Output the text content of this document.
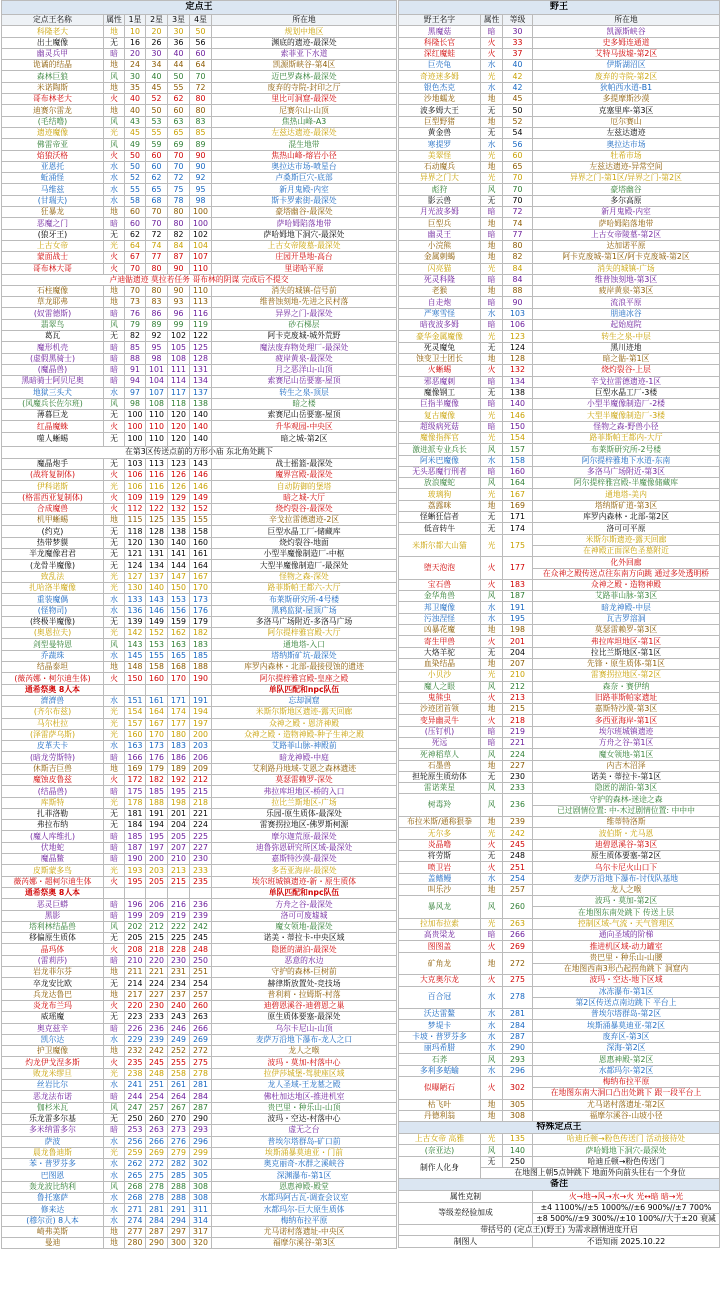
定点王						
定点王名称	属性	1星	2星	3星	4星	所在地
科隆老大	地	10	20	30	50	规划中地区
出土魔像	无	16	26	36	56	渊底的遗迹-最深处
幽灵兵甲	暗	20	30	40	60	索菲亚下水道
诡谲的结晶	地	24	34	44	64	凯源斯峡谷-第4区
森林巨狼	风	30	40	50	70	迈巴罗森林-最深处
米诺陶斯	地	35	45	55	72	废弃的寺院-封印之厅
哥布林老大	火	40	52	62	80	里比可洞窟-最深处
迪赛尔雷龙	地	40	50	60	80	尼赛尔山-山顶
(毛结噜)	风	43	53	63	83	焦热山峰-A3
遗迹魔像	光	45	55	65	85	左兹达遗迹-最深处
佛雷帝亚	风	49	59	69	89	混生地带
焰狼沃格	火	50	60	70	90	焦热山峰-熔岩小径
亚恩托	水	50	60	70	90	奥拉达市场-喷星台
蚯涌怪	水	52	62	72	92	卢桑斯巨穴-底部
马维兹	水	55	65	75	95	新月鬼殿-内室
(甘瑞夫)	水	58	68	78	98	斯卡罗索街-最深处
狂暴龙	地	60	70	80	100	豪塔幽谷-最深处
恶魔之门	暗	60	70	80	100	萨哈姆陷落地带
(狼牙王)	无	62	72	82	102	萨哈姆地下洞穴-最深处
上古女帝	光	64	74	84	104	上古女帝陵墓-最深处
蒙面战士	火	67	77	87	107	庄园开垦地-高台
哥布林大哥	火	70	80	90	110	里诺哈平原
卢迪骷遗迹 莫拉若任务 哥布林的阴谋 完成后不提交						
石柱魔像	地	70	80	90	110	消失的城镇-信号前
草龙耶弗	地	73	83	93	113	维普蚀刻地-先进之民村落
(奴雷德斯)	暗	76	86	96	116	异界之门-最深处
翡翠鸟	风	79	89	99	119	砂石梯层
葛瓦	无	82	92	102	122	阿卡克废城-城外荒野
魔形机壳	暗	85	95	105	125	魔法废弃物处理厂-最深处
(虚假黑骑士)	暗	88	98	108	128	疲岸黄泉-最深处
(魔晶兽)	暗	91	101	111	131	月之恶洋山-山顶
黑暗骑士阿贝尼奥	暗	94	104	114	134	索赛尼山岳要塞-屋顶
地狱三头犬	水	97	107	117	137	转生之泉-顶层
(风魔兵长佐尔班)	风	98	108	118	138	暗之楼
薄暮巨龙	无	100	110	120	140	索赛尼山岳要塞-屋顶
红晶魔蛛	火	100	110	120	140	升华观园-中央区
噬人蜥蜴	无	100	110	120	140	暗之城-第2区
在第3区传送点前的方形小庙 东北角处跳下						
魔晶炮手	无	103	113	123	143	战士摇篮-最深处
(战将复制体)	火	106	116	126	146	魔界宫殿-最深处
伊科诺斯	光	106	116	126	146	自动防御的堡塔
(格雷西亚复制体)	火	109	119	129	149	暗之城-大厅
合成魔兽	火	112	122	132	152	烧灼裂谷-最深处
机甲蜥蜴	地	115	125	135	155	辛戈拉雷德遗迹-2区
(约克)	无	118	128	138	158	巨型水晶工厂-储藏库
热带梦貘	无	120	130	140	160	烧灼裂谷-地面
半龙魔像君君	无	121	131	141	161	小型半魔像制造厂-中枢
(龙骨半魔像)	无	124	134	144	164	大型半魔像制造厂-最深处
致乱法	光	127	137	147	167	怪物之森-深处
扎哈洛半魔像	光	130	140	150	170	路菲斯帕王都六-大厅
重装魔偶	水	133	143	153	173	布莱斯研究所-4号楼
(怪物司)	水	136	146	156	176	黑鸦监狱-屋顶广场
(终极半魔像)	无	139	149	159	179	多洛马广场附近-多洛马广场
(奥恩拉夫)	光	142	152	162	182	阿尔提梓雅宫殿-大厅
剑型曼特恩	风	143	153	163	183	通地塔-入口
乔蔬珠	水	145	155	165	185	塔纳斯矿坑-最深处
结晶泰坦	地	148	158	168	188	库罗内森林・北部-最接侵蚀的遗迹
(薇芮娜・柯尔迪生体)	火	150	160	170	190	阿尔提梓雅宫殿-皇座之殿
通希祭奥 8人本						单队匹配和npc队伍
濟濟兽	水	151	161	171	191	忘却洞窟
(齐尔布兹)	光	154	164	174	194	米斯尔斯地区遗迹-露天回廊
马尔杜拉	光	157	167	177	197	众神之殿・恩济神殿
(泽雷萨乌斯)	光	160	170	180	200	众神之殿・造物神殿-种子生神之殿
皮革夫卡	水	163	173	183	203	艾路菲山脉-神殿前
(暗龙劳斯特)	暗	166	176	186	206	暗龙神殿-中庭
休斯吉巨兽	地	169	179	189	209	艾利路丹地域-艾恩之森林遗迹
魔蚀皮鲁兹	火	172	182	192	212	莫瑟雷赖罗-深处
(结晶兽)	暗	175	185	195	215	弗拉库坦地区-桥的入口
库斯特	光	178	188	198	218	拉比兰斯地区-广场
扎菲洛勒	无	181	191	201	221	乐园-原生质体-最深处
弗拉布纳	无	184	194	204	224	雷赛拐拉地区-佛罗斯柯源
(魔人库维扎)	暗	185	195	205	225	摩尔迦荒原-最深处
伏地蛇	暗	187	197	207	227	迪鲁弥恩研究所区域-最深处
魔晶鳖	暗	190	200	210	230	嘉斯特沙漠-最深处
皮斯蒙多鸟	光	193	203	213	233	多吾亚海岸-最深处
薇芮娜・超柯尔迪生体	火	195	205	215	235	埃尔班城镇遗迹-新・原生质体
通希祭奥 8人本						单队匹配和npc队伍
恶灵巨蟒	暗	196	206	216	236	方舟之谷-最深处
黑影	暗	199	209	219	239	洛可可废墟城
塔利林结晶兽	风	202	212	222	242	魔女领地-最深处
移偏原生质体	无	205	215	225	245	诺美・蒂拉卡-中央区域
晶玛体	火	208	218	228	248	隐匿的湖泊-最深处
(雷莉莎)	暗	210	220	230	250	恶意的水边
岩龙菲尔芬	地	211	221	231	251	守护的森林-巨树前
卒龙安比欧	无	214	224	234	254	赫律斯放置处-竞技场
兵龙达鲁巴	地	217	227	237	257	普利莉・拉姆斯-村落
炎龙布兰玛	火	220	230	240	260	迪碧恩溪谷-迪碧恩之巢
威瑶魔	无	223	233	243	263	原生质体要塞-最深处
奥克兹辛	暗	226	236	246	266	乌尔卡尼山-山顶
凯尔达	水	229	239	249	269	麦萨万沿地下瀑布-龙人之口
护卫魔像	地	232	242	252	272	龙人之喉
灼龙伊戈涅多斯	火	235	245	255	275	波玛・莫加-村落中心
败龙米缪旦	光	238	248	258	278	拉伊莎城堡-驾驶座区域
丝岩比尔	水	241	251	261	281	龙人圣域-王龙墓之殿
恶龙法布诺	暗	244	254	264	284	佛杜加达地区-推进机室
伽杉米瓦	风	247	257	267	287	贵巴里・种乐山-山顶
乐龙雷多尔基	无	250	260	270	290	波玛・空达-村落中心
多米纳雷多尔	暗	253	263	273	293	虚无之台
萨波	水	256	266	276	296	普埃尔塔群岛-矿口前
晨龙鲁迪斯	光	259	269	279	299	埃斯涌暴莫迪亚・门前
苯・普罗芬多	水	262	272	282	302	奥克丽奇-水群之溪峡谷
巴图恩	水	265	275	285	305	深渊瀑布-第1区
轰龙波比纳利	风	268	278	288	308	恩惠神殿-殿堂
鲁托塞萨	水	268	278	288	308	水都玛阿古瓦-调查会议室
修来达	水	271	281	291	311	水都玛尔-巨大原生质体
(穆尔贡) 8人本	水	274	284	294	314	梅纳布拉平原
崎弗美斯	地	277	287	297	317	尤马诺村落遗址-中央区
曼迪	地	280	290	300	320	福摩尔溪谷-第3区
野王			
野王名字	属性	等级	所在地
黑魔菇	暗	30	凯源斯峡谷
科隆长官	火	33	史多姆连通道
深红魔蛙	火	37	艾特马拔墟-第2区
巨壳龟	水	40	伊斯湖沼区
奇迹迷多姆	光	42	废弃的寺院-第2区
银色杰克	水	42	狄帕西水道-B1
沙地蠕龙	地	45	多提摩斯沙漠
波多姆大王	无	50	克塞里库-第3区
巨型野猪	地	52	厄尔赛山
黄金兽	无	54	左兹达遗迹
寒提罗	水	56	奥拉达市场
美翠怪	光	60	牡希市场
石动魔兵	地	65	左兹达遗迹-异常空间
异界之门大	光	70	异界之门-第1区/异界之门-第2区
彪狩	风	70	豪塔幽谷
影云兽	无	70	多尔高原
月光波多姆	暗	72	新月鬼殿-内室
巨型兵	地	74	萨哈姆陷落地带
幽灵王	暗	77	上古女帝陵墓-第2区
小浣熊	地	80	达加诺平原
金属刺蝎	地	82	阿卡克废城-第1区/阿卡克废城-第2区
闪亮猫	光	84	消失的城镇-广场
死灵科隆	暗	84	维普蚀刻地-第3区
老猴	地	88	疲岸黄泉-第3区
自走炮	暗	90	流浪平原
严寒雪怪	水	103	朋迪冰谷
暗夜波多姆	暗	106	起始庭院
豪华金属魔像	光	123	转生之泉-中层
死灵魔兔	无	124	黑川迹地
蚀变卫士团长	地	128	暗之骷-第1区
火蜥蜴	火	132	烧灼裂谷-上层
邪恶魔刺	暗	134	辛戈拉雷德遗迹-1区
魔像钢工	无	138	巨型水晶工厂-3楼
巨指半魔像	暗	140	小型半魔像制造厂-2楼
复古魔像	光	146	大型半魔像制造厂-3楼
超级病死菇	暗	150	怪物之森-野兽小径
魔像指挥官	光	154	路菲斯帕王都内-大厅
激进派专业兵长	风	157	布莱斯研究所-2号楼
阿米巴魔像	水	158	阿尔提梓雅地下水道-东南
无头恶魔行刑者	暗	160	多洛马广场附近-第3区
放浪魔蛇	风	164	阿尔提梓雅宫殿-半魔像储藏库
玻璃狗	光	167	通地塔-美内
荔露咪	地	169	塔纳斯矿道-第3区
怪蜥狂信者	无	171	库罗内森林・北部-第2区
低音转牛	无	174	洛可可平原
米斯尔都大山猫	光	175	米斯尔斯遗迹-露天回廊
			在神殿正面深色圣墓附近
堕天泡泡	火	177	化外回廊
			在众神之殿传送点往东南方向跳 通过多处透明桥
宝石兽	火	183	众神之殿・造物神殿
金华角兽	风	187	艾路菲山脉-第3区
邦卫魔像	水	191	暗龙神殿-中层
污浊涅怪	水	195	瓦吉罗溶洞
凶暴花魔	地	198	莫瑟雷赖罗-第3区
寄生甲兽	火	201	弗拉库坦地区-第1区
大烙羊驼	无	204	拉比兰斯地区-第1区
血染结晶	地	207	先锋・原生质体-第1区
小贝沙	光	210	雷赛拐拉地区-第2区
魔人之眼	风	212	森奈・赛伊纳
鬼熊虫	火	213	旧路菲斯帕家遗址
沙迹团首领	地	215	嘉斯特沙漠-第3区
变异幽灵牛	火	218	多西亚海岸-第1区
(压钉机)	暗	219	埃尔班城镇遗迹
死远	暗	221	方舟之谷-第1区
死神稻草人	风	224	魔女领地-第1区
石墨兽	地	227	内吉木沼泽
担轮原生质幼体	无	230	诺美・蒂拉卡-第1区
雷诺莱星	风	233	隐匿的湖泊-第3区
树毒羚	风	236	守护的森林-迷途之森
			已过剧情位置: 中-木过剧情位置: 中中中
布拉米斯/通称狠拳	地	239	维蒂特洛斯
无尔多	光	242	波伯斯・尤马恩
炎晶噜	火	245	迪碧恩溪谷-第3区
将劳斯	无	248	原生质体要塞-第2区
喷卫岩	火	251	乌尔卡尼火山口下
盖鳍鳗	水	254	麦萨万沿地下瀑布-讨伐队基地
叫乐沙	地	257	龙人之喉
暴风龙	风	260	波玛・莫加-第2区
			在地图东南处跳下 传送上层
拉加布拉索	光	263	控制区域-气流・天气管理区
高贵梁龙	暗	266	通向圣域的阶梯
图图盖	火	269	推进机区域-动力罐室
矿角龙	地	272	贵巴里・种乐山-山腰
			在地图西南3形凸起拐角跳下 洞窟内
大克奥尔龙	火	275	波玛・空达-地下区域
百合冠	水	278	冰冻瀑布-第1区
			第2区传送点南边跳下 平台上
沃达雷鳌	水	281	普埃尔塔群岛-第2区
梦堤卡	水	284	埃斯涌暴莫迪亚-第2区
卡坡・普罗芬多	水	287	废弃区-第3区
丽玛希腊	水	290	深海-第2区
石荞	风	293	恩惠神殿-第2区
多利多蛞蝓	水	296	水都玛尔-第2区
似曝陋石	火	302	梅纳布拉平原
			在地图东南大洞口凸出处跳下 跟一段平台上
枯飞叶	地	305	尤马诺村落遗址-第2区
丹德利翁	地	308	福摩尔溪谷-山坡小径
特殊定点王			
上古女帝 高雅	光	135	哈迪丘顿→粉色传送门 活动接待处
(奈亚达)	风	140	萨哈姆地下洞穴-最深处
制作人化身	无	250	哈迪丘顿→粉色传送门
	在地图上朝5点钟跳下 地面外向前头往右一个身位		
备注			
属性克制			火→地→风→水→火 光↔暗 暗→光
等级差经验加成			±4 1100%//±5 1000%//±6 900%//±7 700%
			±8 500%//±9 300%//±10 100%//大于±20 衰减
带括号的 (定点王)(野王) 为需求剧情进度开启			
制图人			不语知雨 2025.10.22
